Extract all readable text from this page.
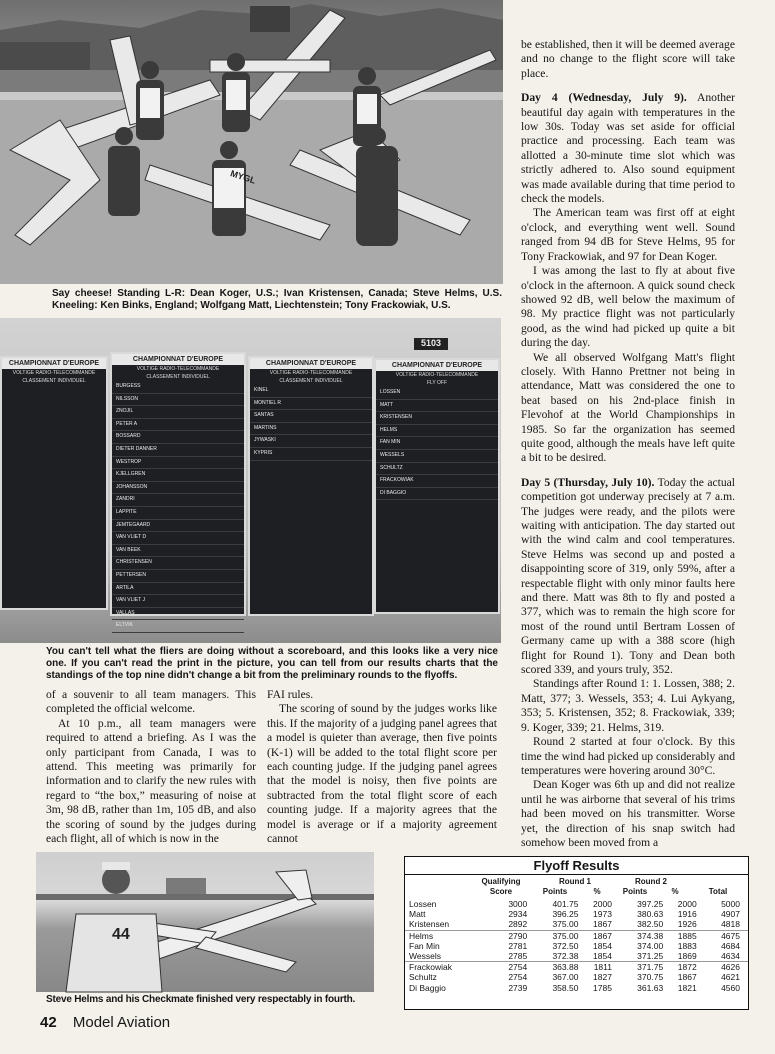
MYGL
Say cheese! Standing L-R: Dean Koger, U.S.; Ivan Kristensen, Canada; Steve Helms, U.S. Kneeling: Ken Binks, England; Wolfgang Matt, Liechtenstein; Tony Frackowiak, U.S.
5103
CHAMPIONNAT D'EUROPE
VOLTIGE RADIO-TELECOMMANDE
CLASSEMENT INDIVIDUEL
CHAMPIONNAT D'EUROPE
VOLTIGE RADIO-TELECOMMANDE
CLASSEMENT INDIVIDUEL
BURGESS
NILSSON
ZNOJIL
PETER A
BOSSARD
DIETER DANNER
WESTROP
KJELLGREN
JOHANSSON
ZANDRI
LAPPITE
JEMTEGAARD
VAN VLIET D
VAN BEEK
CHRISTENSEN
PETTERSEN
ARTILA
VAN VLIET J
VALLAS
ELTVIK
CHAMPIONNAT D'EUROPE
VOLTIGE RADIO-TELECOMMANDE
CLASSEMENT INDIVIDUEL
KINEL
MONTIEL R
SANTAS
MARTINS
JYWASKI
KYPRIS
CHAMPIONNAT D'EUROPE
VOLTIGE RADIO-TELECOMMANDE
FLY OFF
LOSSEN
MATT
KRISTENSEN
HELMS
FAN MIN
WESSELS
SCHULTZ
FRACKOWIAK
DI BAGGIO
You can't tell what the fliers are doing without a scoreboard, and this looks like a very nice one. If you can't read the print in the picture, you can tell from our results charts that the standings of the top nine didn't change a bit from the preliminary rounds to the flyoffs.

of a souvenir to all team managers. This completed the official welcome.

At 10 p.m., all team managers were required to attend a briefing. As I was the only participant from Canada, I was to attend. This meeting was primarily for information and to clarify the new rules with regard to “the box,” measuring of noise at 3m, 98 dB, rather than 1m, 105 dB, and also the scoring of sound by the judges during each flight, all of which is now in the

FAI rules.

The scoring of sound by the judges works like this. If the majority of a judging panel agrees that a model is quieter than average, then five points (K-1) will be added to the total flight score per each counting judge. If the judging panel agrees that the model is noisy, then five points are subtracted from the total flight score of each counting judge. If a majority agrees that the model is average or if a majority agreement cannot

be established, then it will be deemed average and no change to the flight score will take place.

Day 4 (Wednesday, July 9). Another beautiful day again with temperatures in the low 30s. Today was set aside for official practice and processing. Each team was allotted a 30-minute time slot which was strictly adhered to. Also sound equipment was made available during that time period to check the models.

The American team was first off at eight o'clock, and everything went well. Sound ranged from 94 dB for Steve Helms, 95 for Tony Frackowiak, and 97 for Dean Koger.

I was among the last to fly at about five o'clock in the afternoon. A quick sound check showed 92 dB, well below the maximum of 98. My practice flight was not particularly good, as the wind had picked up quite a bit during the day.

We all observed Wolfgang Matt's flight closely. With Hanno Prettner not being in attendance, Matt was considered the one to beat based on his 2nd-place finish in Flevohof at the World Championships in 1985. So far the organization has seemed quite good, although the meals have left quite a bit to be desired.

Day 5 (Thursday, July 10). Today the actual competition got underway precisely at 7 a.m. The judges were ready, and the pilots were waiting with anticipation. The day started out with the wind calm and cool temperatures. Steve Helms was second up and posted a disappointing score of 319, only 59%, after a respectable flight with only minor faults here and there. Matt was 8th to fly and posted a 377, which was to remain the high score for most of the round until Bertram Lossen of Germany came up with a 388 score (high flight for Round 1). Tony and Dean both scored 339, and yours truly, 352.

Standings after Round 1: 1. Lossen, 388; 2. Matt, 377; 3. Wessels, 353; 4. Lui Aykyang, 353; 5. Kristensen, 352; 8. Frackowiak, 339; 9. Koger, 339; 21. Helms, 319.

Round 2 started at four o'clock. By this time the wind had picked up considerably and temperatures were hovering around 30°C.

Dean Koger was 6th up and did not realize until he was airborne that several of his trims had been moved on his transmitter. Worse yet, the direction of his snap switch had somehow been moved from a

44
Steve Helms and his Checkmate finished very respectably in fourth.
Flyoff Results
Qualifying
Score
Round 1
Points	%
Round 2
Points	%	Total
Lossen	3000	401.75	2000	397.25	2000	5000
Matt	2934	396.25	1973	380.63	1916	4907
Kristensen	2892	375.00	1867	382.50	1926	4818
Helms	2790	375.00	1867	374.38	1885	4675
Fan Min	2781	372.50	1854	374.00	1883	4684
Wessels	2785	372.38	1854	371.25	1869	4634
Frackowiak	2754	363.88	1811	371.75	1872	4626
Schultz	2754	367.00	1827	370.75	1867	4621
Di Baggio	2739	358.50	1785	361.63	1821	4560
42 Model Aviation
